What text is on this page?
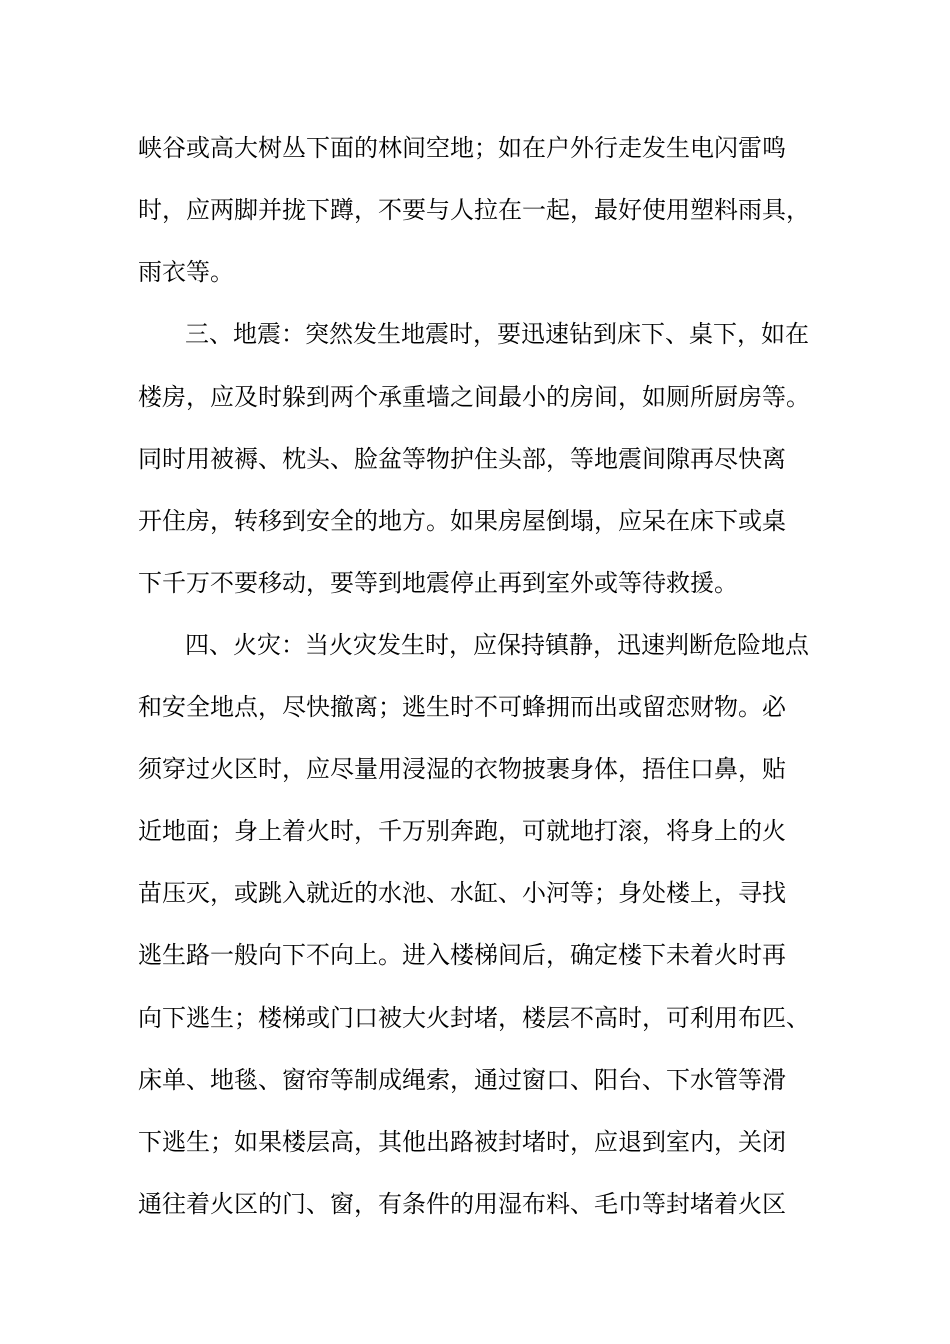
峡谷或高大树丛下面的林间空地；如在户外行走发生电闪雷鸣
时，应两脚并拢下蹲，不要与人拉在一起，最好使用塑料雨具，
雨衣等。
三、地震：突然发生地震时，要迅速钻到床下、桌下，如在
楼房，应及时躲到两个承重墙之间最小的房间，如厕所厨房等。
同时用被褥、枕头、脸盆等物护住头部，等地震间隙再尽快离
开住房，转移到安全的地方。如果房屋倒塌，应呆在床下或桌
下千万不要移动，要等到地震停止再到室外或等待救援。
四、火灾：当火灾发生时，应保持镇静，迅速判断危险地点
和安全地点，尽快撤离；逃生时不可蜂拥而出或留恋财物。必
须穿过火区时，应尽量用浸湿的衣物披裹身体，捂住口鼻，贴
近地面；身上着火时，千万别奔跑，可就地打滚，将身上的火
苗压灭，或跳入就近的水池、水缸、小河等；身处楼上，寻找
逃生路一般向下不向上。进入楼梯间后，确定楼下未着火时再
向下逃生；楼梯或门口被大火封堵，楼层不高时，可利用布匹、
床单、地毯、窗帘等制成绳索，通过窗口、阳台、下水管等滑
下逃生；如果楼层高，其他出路被封堵时，应退到室内，关闭
通往着火区的门、窗，有条件的用湿布料、毛巾等封堵着火区
